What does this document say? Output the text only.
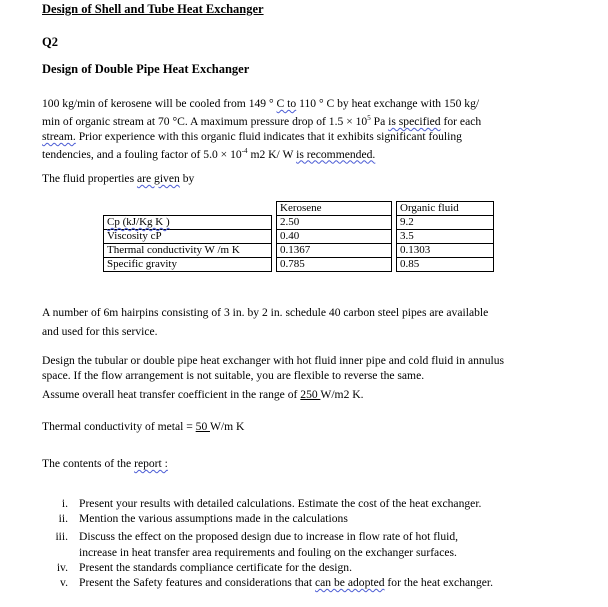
Design of Shell and Tube Heat Exchanger
Q2
Design of Double Pipe Heat Exchanger
100 kg/min of kerosene will be cooled from 149 ° C to 110 ° C by heat exchange with 150 kg/
min of organic stream at 70 °C. A maximum pressure drop of $1.5 \times 10^5$ Pa is specified for each
stream. Prior experience with this organic fluid indicates that it exhibits significant fouling
tendencies, and a fouling factor of $5.0 \times 10^{-4}$ m2 K/ W is recommended.
The fluid properties are given by
		Kerosene		Organic fluid
Cp (kJ/Kg K )		2.50		9.2
Viscosity cP		0.40		3.5
Thermal conductivity W /m K		0.1367		0.1303
Specific gravity		0.785		0.85
A number of 6m hairpins consisting of 3 in. by 2 in. schedule 40 carbon steel pipes are available
and used for this service.
Design the tubular or double pipe heat exchanger with hot fluid inner pipe and cold fluid in annulus
space. If the flow arrangement is not suitable, you are flexible to reverse the same.
Assume overall heat transfer coefficient in the range of 250 W/m2 K.
Thermal conductivity of metal = 50 W/m K
The contents of the report :
i. Present your results with detailed calculations. Estimate the cost of the heat exchanger.
ii. Mention the various assumptions made in the calculations
iii. Discuss the effect on the proposed design due to increase in flow rate of hot fluid,
increase in heat transfer area requirements and fouling on the exchanger surfaces.
iv. Present the standards compliance certificate for the design.
v. Present the Safety features and considerations that can be adopted for the heat exchanger.
